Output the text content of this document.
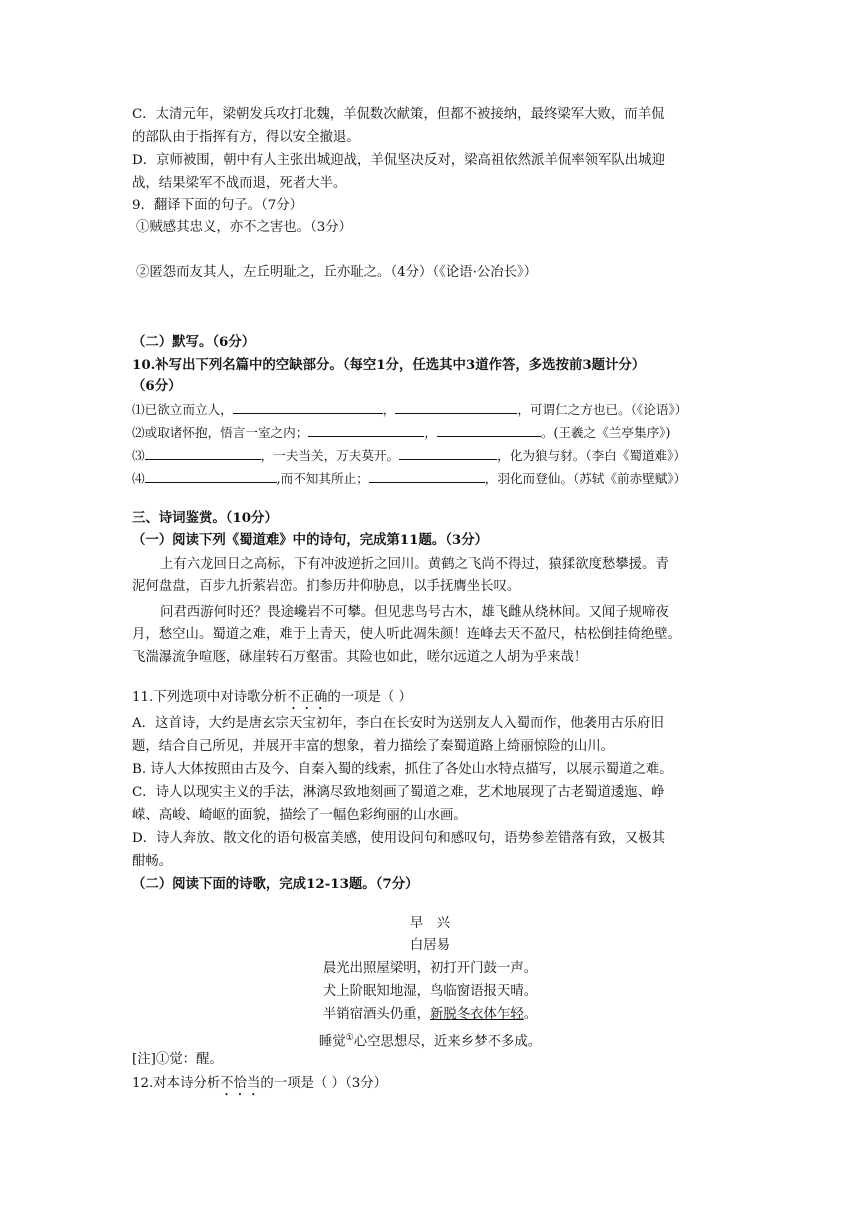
C．太清元年，梁朝发兵攻打北魏，羊侃数次献策，但都不被接纳，最终梁军大败，而羊侃
的部队由于指挥有方，得以安全撤退。
D．京师被围，朝中有人主张出城迎战，羊侃坚决反对，梁高祖依然派羊侃率领军队出城迎
战，结果梁军不战而退，死者大半。
9．翻译下面的句子。（7分）
①贼感其忠义，亦不之害也。（3分）
②匿怨而友其人，左丘明耻之，丘亦耻之。（4分）（《论语·公冶长》）
（二）默写。（6分）
10.补写出下列名篇中的空缺部分。（每空1分，任选其中3道作答，多选按前3题计分）
（6分）
⑴已欲立而立人，	，	，可谓仁之方也已。（《论语》）
⑵或取诸怀抱，悟言一室之内；	，	。(王羲之《兰亭集序》)
⑶	，一夫当关，万夫莫开。	，化为狼与豺。（李白《蜀道难》）
⑷	,而不知其所止；	，羽化而登仙。（苏轼《前赤壁赋》）
三、诗词鉴赏。（10分）
（一）阅读下列《蜀道难》中的诗句，完成第11题。（3分）
上有六龙回日之高标，下有冲波逆折之回川。黄鹤之飞尚不得过，猿猱欲度愁攀援。青
泥何盘盘，百步九折萦岩峦。扪参历井仰胁息，以手抚膺坐长叹。
问君西游何时还？畏途巉岩不可攀。但见悲鸟号古木，雄飞雌从绕林间。又闻子规啼夜
月，愁空山。蜀道之难，难于上青天，使人听此凋朱颜！连峰去天不盈尺，枯松倒挂倚绝壁。
飞湍瀑流争喧豗，砯崖转石万壑雷。其险也如此，嗟尔远道之人胡为乎来哉！
11.下列选项中对诗歌分析不正确的一项是（ ）
A．这首诗，大约是唐玄宗天宝初年，李白在长安时为送别友人入蜀而作，他袭用古乐府旧
题，结合自己所见，并展开丰富的想象，着力描绘了秦蜀道路上绮丽惊险的山川。
B. 诗人大体按照由古及今、自秦入蜀的线索，抓住了各处山水特点描写，以展示蜀道之难。
C．诗人以现实主义的手法，淋漓尽致地刻画了蜀道之难，艺术地展现了古老蜀道逶迤、峥
嵘、高峻、崎岖的面貌，描绘了一幅色彩绚丽的山水画。
D．诗人奔放、散文化的语句极富美感，使用设问句和感叹句，语势参差错落有致，又极其
酣畅。
（二）阅读下面的诗歌，完成12-13题。（7分）
早　兴
白居易
晨光出照屋梁明，初打开门鼓一声。
犬上阶眠知地湿，鸟临窗语报天晴。
半销宿酒头仍重，新脱冬衣体乍轻。
睡觉①心空思想尽，近来乡梦不多成。
[注]①觉：醒。
12.对本诗分析不恰当的一项是（ ）（3分）
